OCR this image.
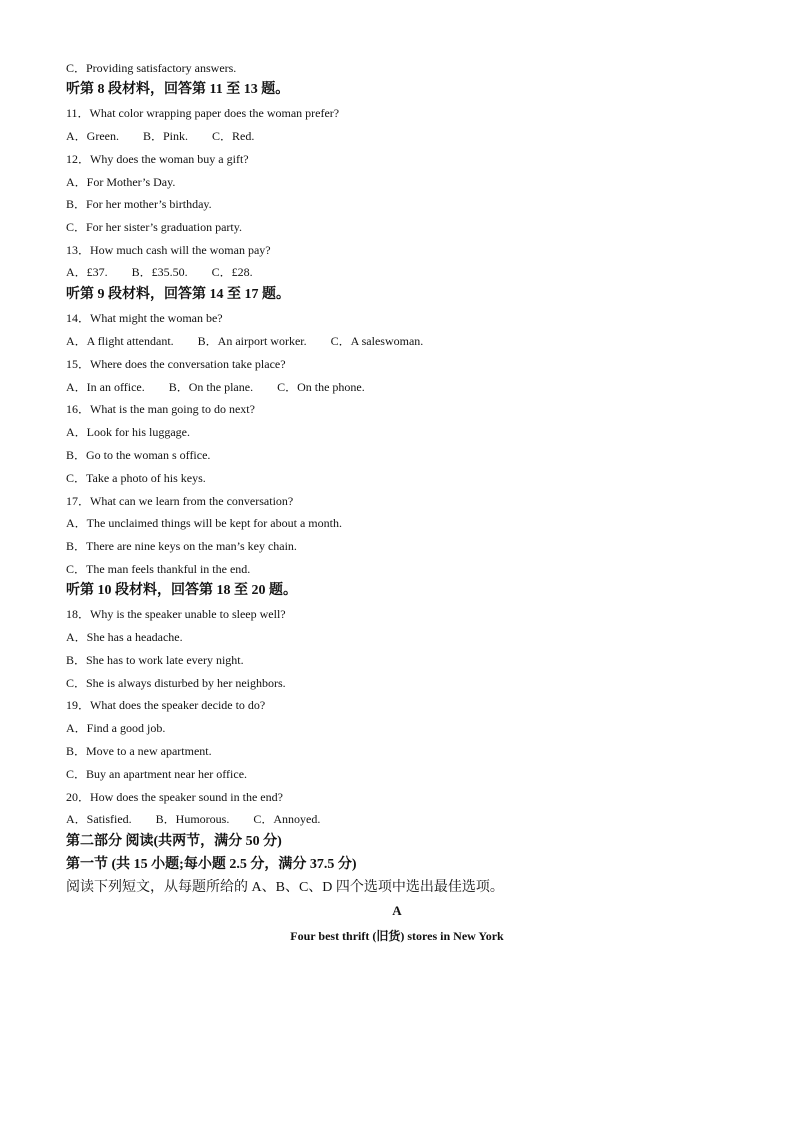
C．Providing satisfactory answers.
听第 8 段材料，回答第 11 至 13 题。
11．What color wrapping paper does the woman prefer?
A．Green.        B．Pink.        C．Red.
12．Why does the woman buy a gift?
A．For Mother’s Day.
B．For her mother’s birthday.
C．For her sister’s graduation party.
13．How much cash will the woman pay?
A．£37.        B．£35.50.        C．£28.
听第 9 段材料，回答第 14 至 17 题。
14．What might the woman be?
A．A flight attendant.        B．An airport worker.        C．A saleswoman.
15．Where does the conversation take place?
A．In an office.        B．On the plane.        C．On the phone.
16．What is the man going to do next?
A．Look for his luggage.
B．Go to the woman s office.
C．Take a photo of his keys.
17．What can we learn from the conversation?
A．The unclaimed things will be kept for about a month.
B．There are nine keys on the man’s key chain.
C．The man feels thankful in the end.
听第 10 段材料，回答第 18 至 20 题。
18．Why is the speaker unable to sleep well?
A．She has a headache.
B．She has to work late every night.
C．She is always disturbed by her neighbors.
19．What does the speaker decide to do?
A．Find a good job.
B．Move to a new apartment.
C．Buy an apartment near her office.
20．How does the speaker sound in the end?
A．Satisfied.        B．Humorous.        C．Annoyed.
第二部分 阅读(共两节，满分 50 分)
第一节 (共 15 小题;每小题 2.5 分，满分 37.5 分)
阅读下列短文，从每题所给的 A、B、C、D 四个选项中选出最佳选项。
A
Four best thrift (旧货) stores in New York
